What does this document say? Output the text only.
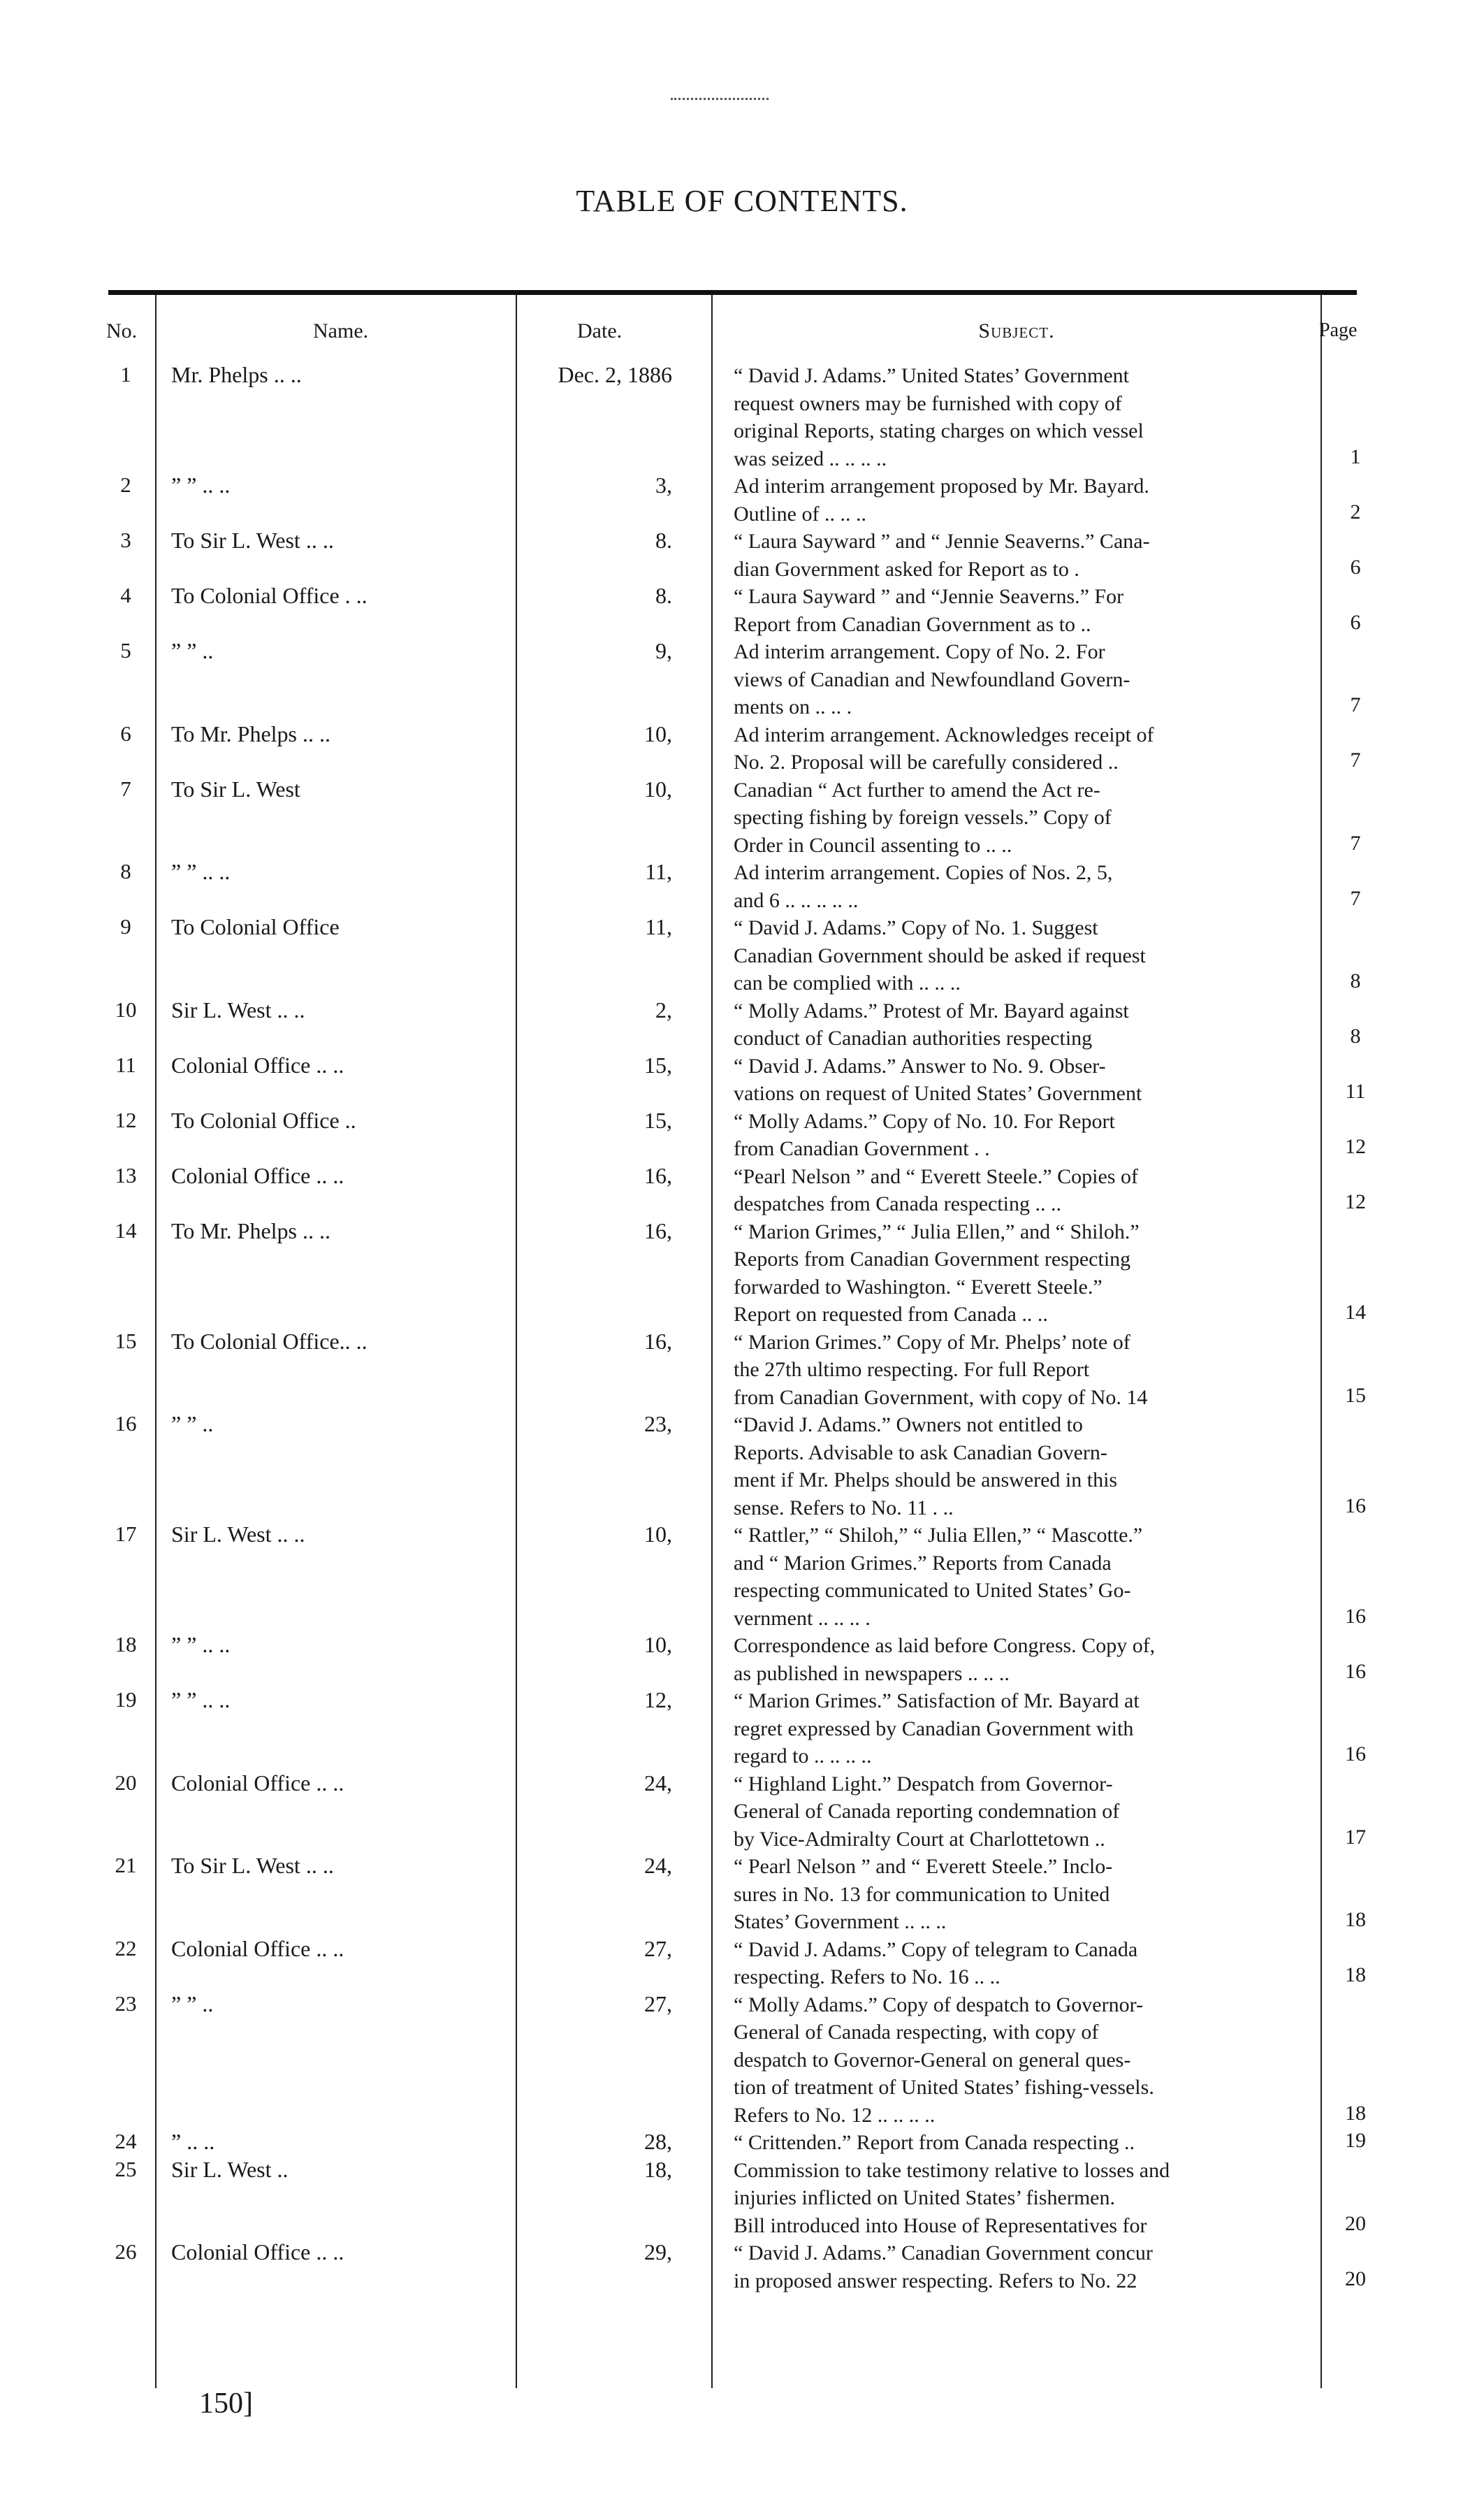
TABLE OF CONTENTS.
No.	Name.	Date.	Subject.	Page
1	Mr. Phelps .. ..	Dec. 2, 1886	“ David J. Adams.” United States’ Government
request owners may be furnished with copy of
original Reports, stating charges on which vessel
was seized .. .. .. ..	1
2	” ” .. ..	3,	Ad interim arrangement proposed by Mr. Bayard.
Outline of .. .. ..	2
3	To Sir L. West .. ..	8.	“ Laura Sayward ” and “ Jennie Seaverns.” Cana-
dian Government asked for Report as to .	6
4	To Colonial Office . ..	8.	“ Laura Sayward ” and “Jennie Seaverns.” For
Report from Canadian Government as to ..	6
5	” ” ..	9,	Ad interim arrangement. Copy of No. 2. For
views of Canadian and Newfoundland Govern-
ments on .. .. .	7
6	To Mr. Phelps .. ..	10,	Ad interim arrangement. Acknowledges receipt of
No. 2. Proposal will be carefully considered ..	7
7	To Sir L. West	10,	Canadian “ Act further to amend the Act re-
specting fishing by foreign vessels.” Copy of
Order in Council assenting to .. ..	7
8	” ” .. ..	11,	Ad interim arrangement. Copies of Nos. 2, 5,
and 6 .. .. .. .. ..	7
9	To Colonial Office	11,	“ David J. Adams.” Copy of No. 1. Suggest
Canadian Government should be asked if request
can be complied with .. .. ..	8
10	Sir L. West .. ..	2,	“ Molly Adams.” Protest of Mr. Bayard against
conduct of Canadian authorities respecting	8
11	Colonial Office .. ..	15,	“ David J. Adams.” Answer to No. 9. Obser-
vations on request of United States’ Government	11
12	To Colonial Office ..	15,	“ Molly Adams.” Copy of No. 10. For Report
from Canadian Government . .	12
13	Colonial Office .. ..	16,	“Pearl Nelson ” and “ Everett Steele.” Copies of
despatches from Canada respecting .. ..	12
14	To Mr. Phelps .. ..	16,	“ Marion Grimes,” “ Julia Ellen,” and “ Shiloh.”
Reports from Canadian Government respecting
forwarded to Washington. “ Everett Steele.”
Report on requested from Canada .. ..	14
15	To Colonial Office.. ..	16,	“ Marion Grimes.” Copy of Mr. Phelps’ note of
the 27th ultimo respecting. For full Report
from Canadian Government, with copy of No. 14	15
16	” ” ..	23,	“David J. Adams.” Owners not entitled to
Reports. Advisable to ask Canadian Govern-
ment if Mr. Phelps should be answered in this
sense. Refers to No. 11 . ..	16
17	Sir L. West .. ..	10,	“ Rattler,” “ Shiloh,” “ Julia Ellen,” “ Mascotte.”
and “ Marion Grimes.” Reports from Canada
respecting communicated to United States’ Go-
vernment .. .. .. .	16
18	” ” .. ..	10,	Correspondence as laid before Congress. Copy of,
as published in newspapers .. .. ..	16
19	” ” .. ..	12,	“ Marion Grimes.” Satisfaction of Mr. Bayard at
regret expressed by Canadian Government with
regard to .. .. .. ..	16
20	Colonial Office .. ..	24,	“ Highland Light.” Despatch from Governor-
General of Canada reporting condemnation of
by Vice-Admiralty Court at Charlottetown ..	17
21	To Sir L. West .. ..	24,	“ Pearl Nelson ” and “ Everett Steele.” Inclo-
sures in No. 13 for communication to United
States’ Government .. .. ..	18
22	Colonial Office .. ..	27,	“ David J. Adams.” Copy of telegram to Canada
respecting. Refers to No. 16 .. ..	18
23	” ” ..	27,	“ Molly Adams.” Copy of despatch to Governor-
General of Canada respecting, with copy of
despatch to Governor-General on general ques-
tion of treatment of United States’ fishing-vessels.
Refers to No. 12 .. .. .. ..	18
24	” .. ..	28,	“ Crittenden.” Report from Canada respecting ..	19
25	Sir L. West ..	18,	Commission to take testimony relative to losses and
injuries inflicted on United States’ fishermen.
Bill introduced into House of Representatives for	20
26	Colonial Office .. ..	29,	“ David J. Adams.” Canadian Government concur
in proposed answer respecting. Refers to No. 22	20
150]
